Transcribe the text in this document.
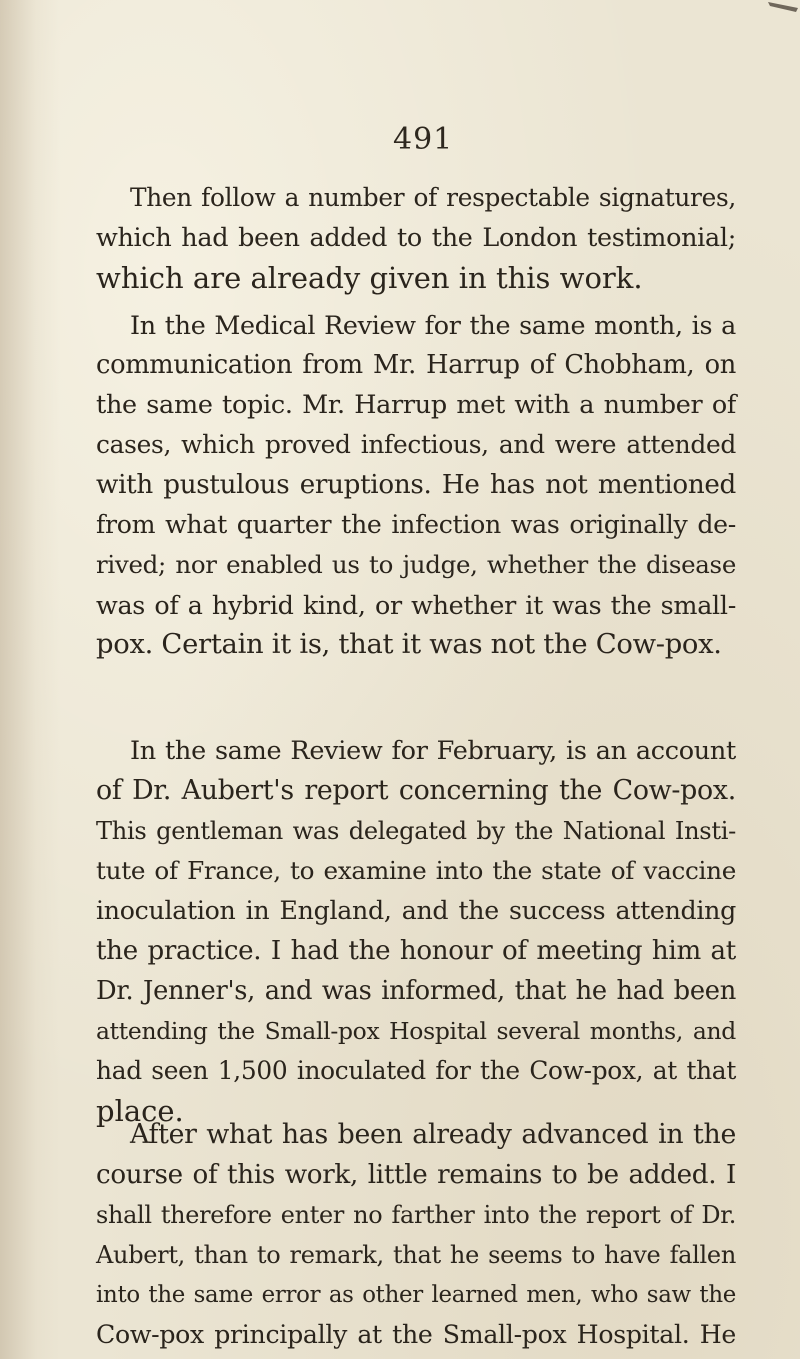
491
Then follow a number of respectable signatures,
which had been added to the London testimonial;
which are already given in this work.
In the Medical Review for the same month, is a
communication from Mr. Harrup of Chobham, on
the same topic. Mr. Harrup met with a number of
cases, which proved infectious, and were attended
with pustulous eruptions. He has not mentioned
from what quarter the infection was originally de-
rived; nor enabled us to judge, whether the disease
was of a hybrid kind, or whether it was the small-
pox. Certain it is, that it was not the Cow-pox.
In the same Review for February, is an account
of Dr. Aubert's report concerning the Cow-pox.
This gentleman was delegated by the National Insti-
tute of France, to examine into the state of vaccine
inoculation in England, and the success attending
the practice. I had the honour of meeting him at
Dr. Jenner's, and was informed, that he had been
attending the Small-pox Hospital several months, and
had seen 1,500 inoculated for the Cow-pox, at that
place.
After what has been already advanced in the
course of this work, little remains to be added. I
shall therefore enter no farther into the report of Dr.
Aubert, than to remark, that he seems to have fallen
into the same error as other learned men, who saw the
Cow-pox principally at the Small-pox Hospital. He
